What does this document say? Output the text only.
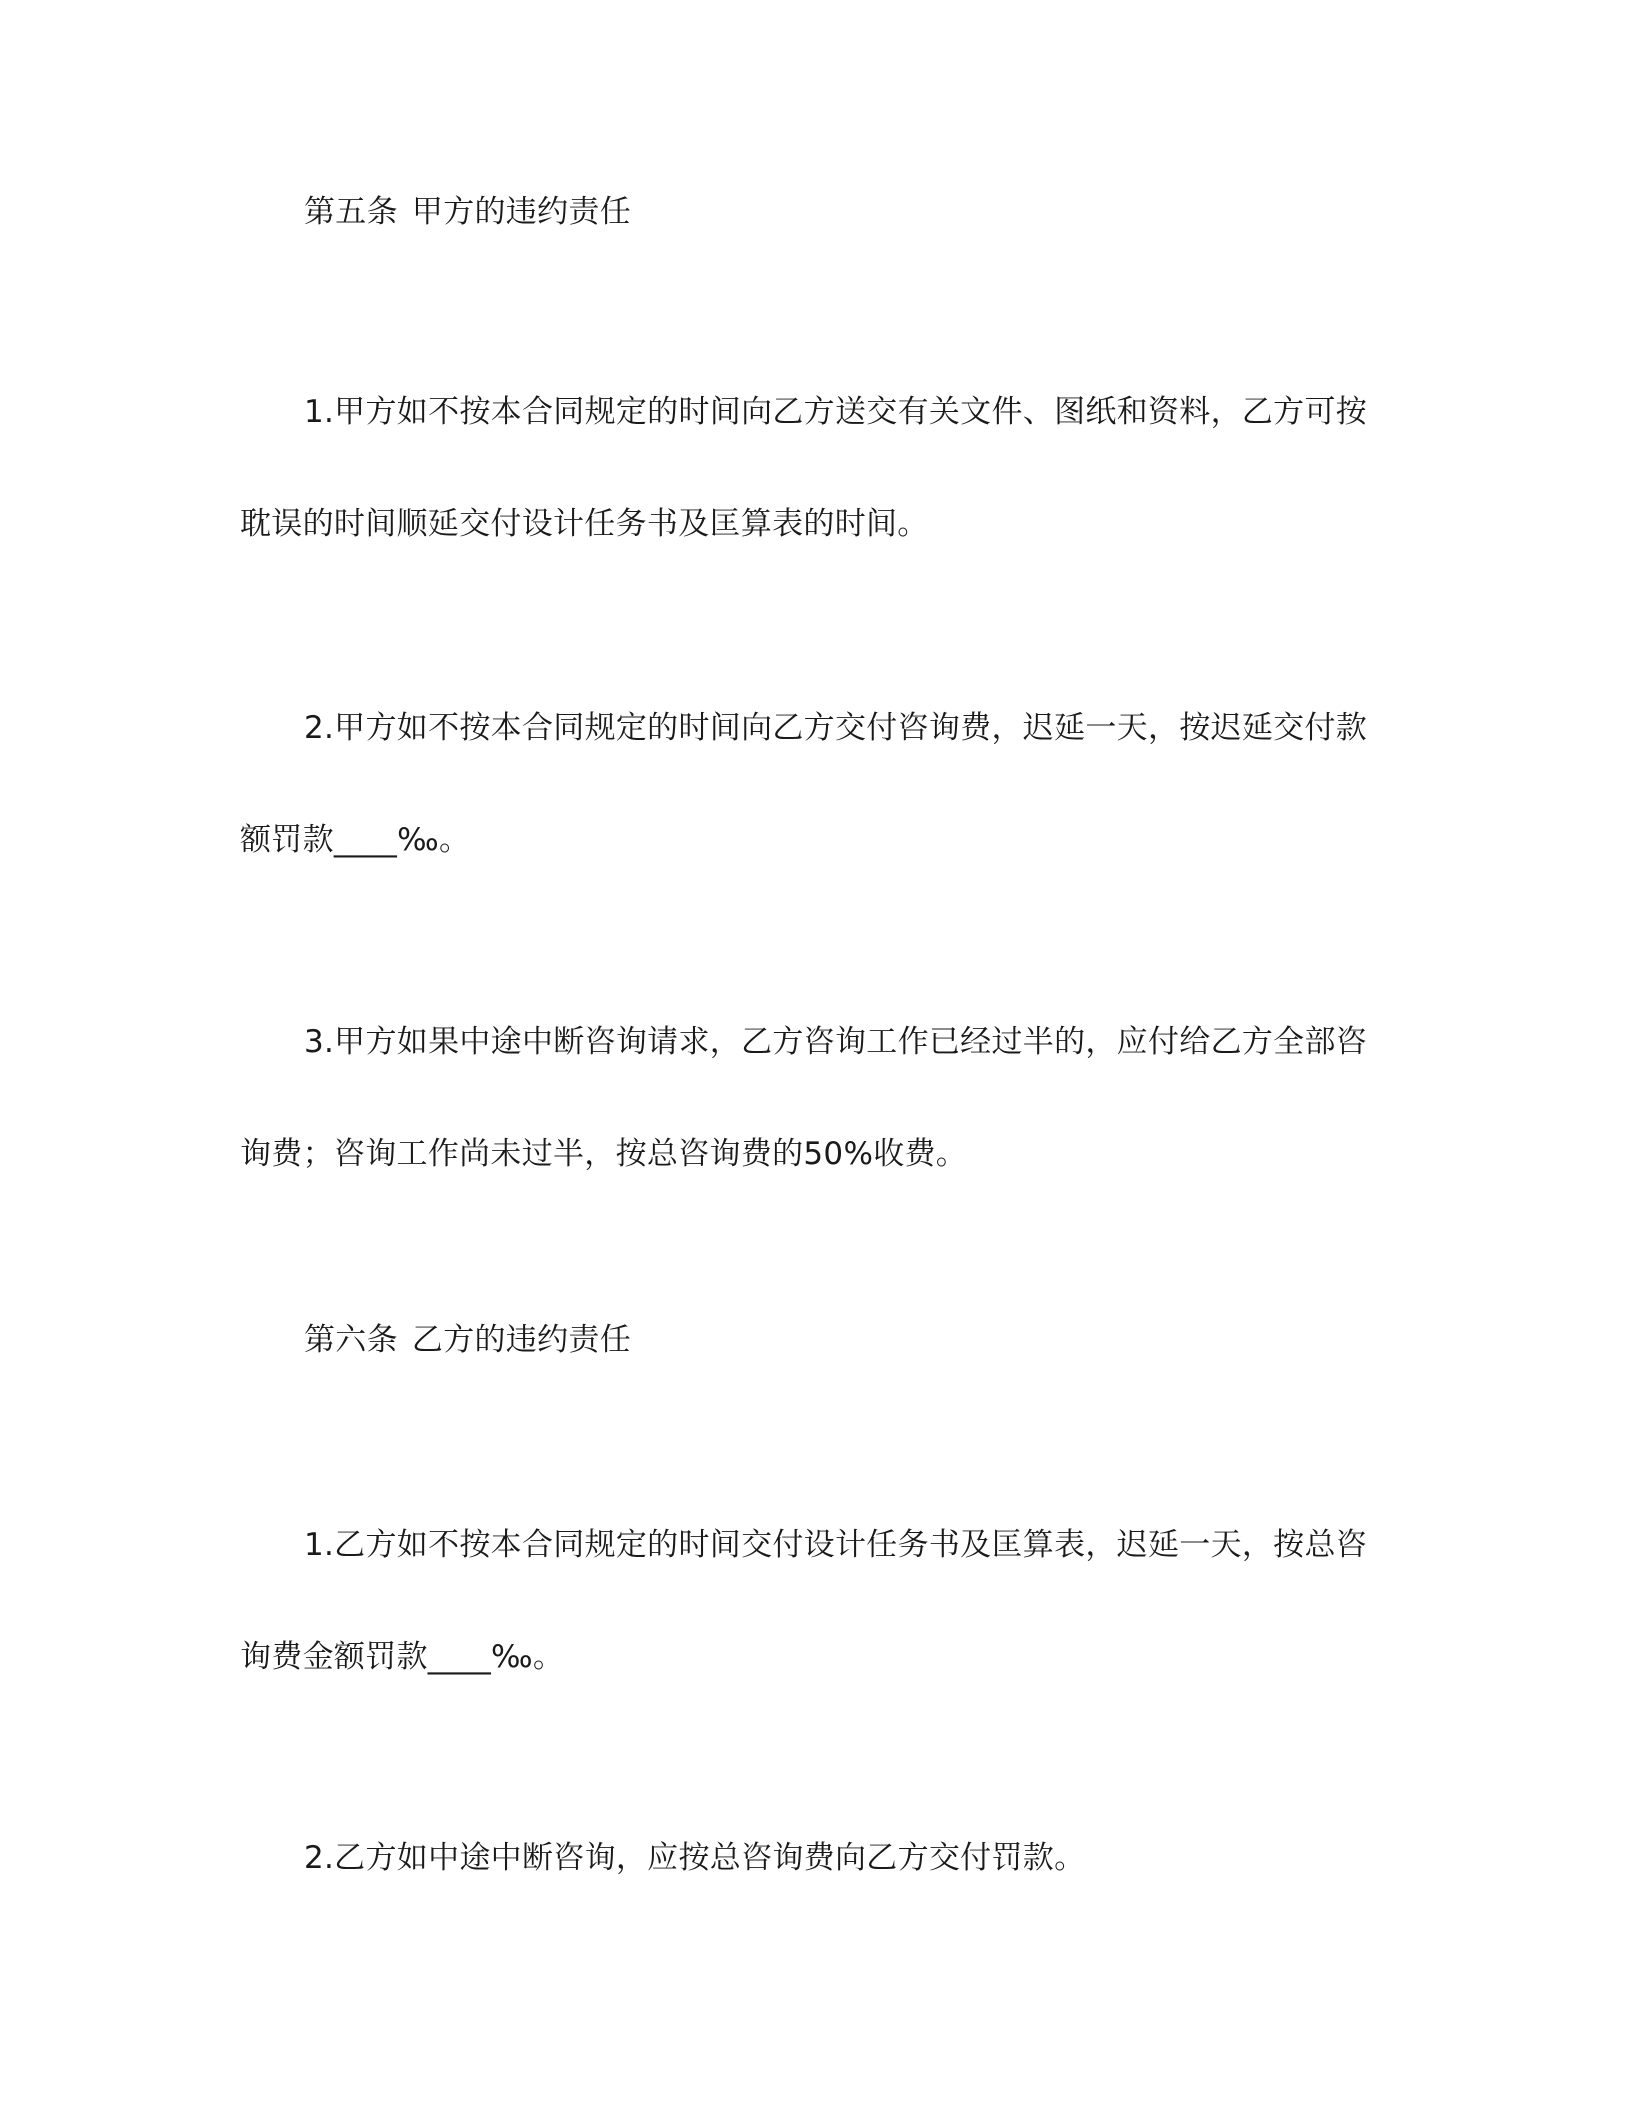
第五条 甲方的违约责任
1.甲方如不按本合同规定的时间向乙方送交有关文件、图纸和资料，乙方可按
耽误的时间顺延交付设计任务书及匡算表的时间。
2.甲方如不按本合同规定的时间向乙方交付咨询费，迟延一天，按迟延交付款
额罚款____‰。
3.甲方如果中途中断咨询请求，乙方咨询工作已经过半的，应付给乙方全部咨
询费；咨询工作尚未过半，按总咨询费的50%收费。
第六条 乙方的违约责任
1.乙方如不按本合同规定的时间交付设计任务书及匡算表，迟延一天，按总咨
询费金额罚款____‰。
2.乙方如中途中断咨询，应按总咨询费向乙方交付罚款。
